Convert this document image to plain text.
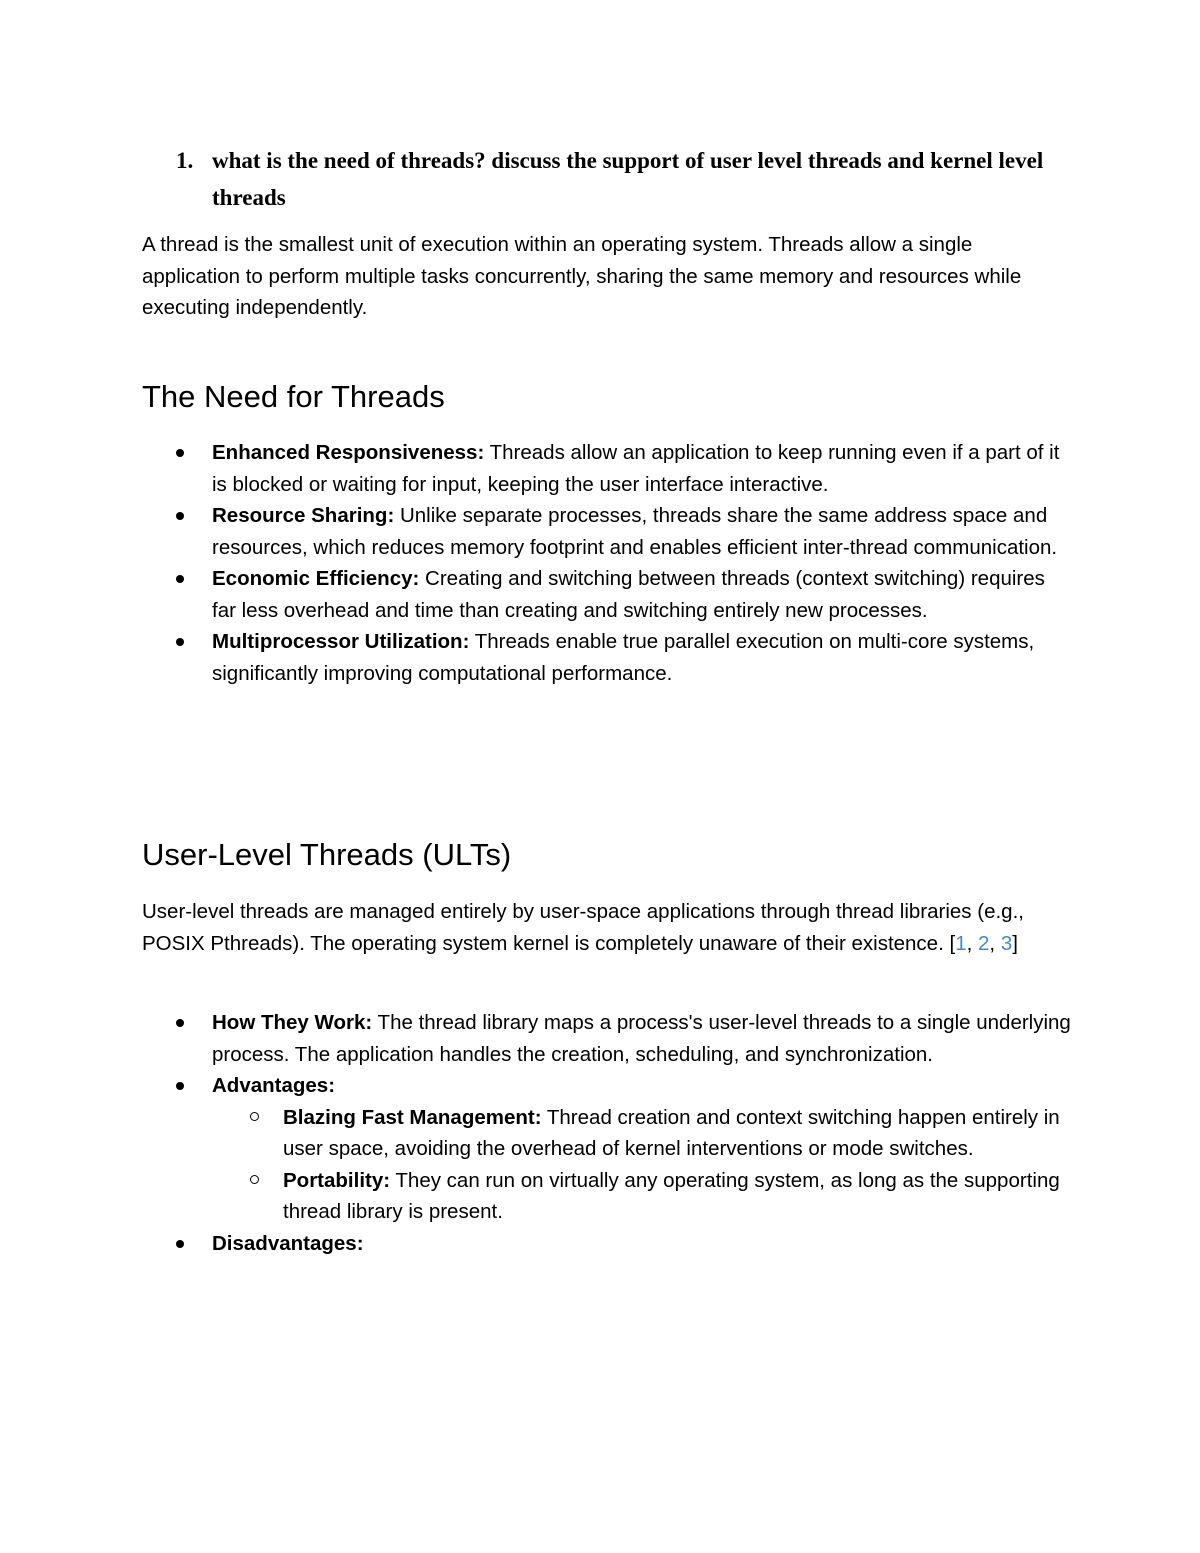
1. what is the need of threads? discuss the support of user level threads and kernel level threads

A thread is the smallest unit of execution within an operating system. Threads allow a single application to perform multiple tasks concurrently, sharing the same memory and resources while executing independently.

The Need for Threads
Enhanced Responsiveness: Threads allow an application to keep running even if a part of it is blocked or waiting for input, keeping the user interface interactive.
Resource Sharing: Unlike separate processes, threads share the same address space and resources, which reduces memory footprint and enables efficient inter-thread communication.
Economic Efficiency: Creating and switching between threads (context switching) requires far less overhead and time than creating and switching entirely new processes.
Multiprocessor Utilization: Threads enable true parallel execution on multi-core systems, significantly improving computational performance.
User-Level Threads (ULTs)

User-level threads are managed entirely by user-space applications through thread libraries (e.g., POSIX Pthreads). The operating system kernel is completely unaware of their existence. [1, 2, 3]

How They Work: The thread library maps a process's user-level threads to a single underlying process. The application handles the creation, scheduling, and synchronization.
Advantages:
Blazing Fast Management: Thread creation and context switching happen entirely in user space, avoiding the overhead of kernel interventions or mode switches.
Portability: They can run on virtually any operating system, as long as the supporting thread library is present.
Disadvantages:
